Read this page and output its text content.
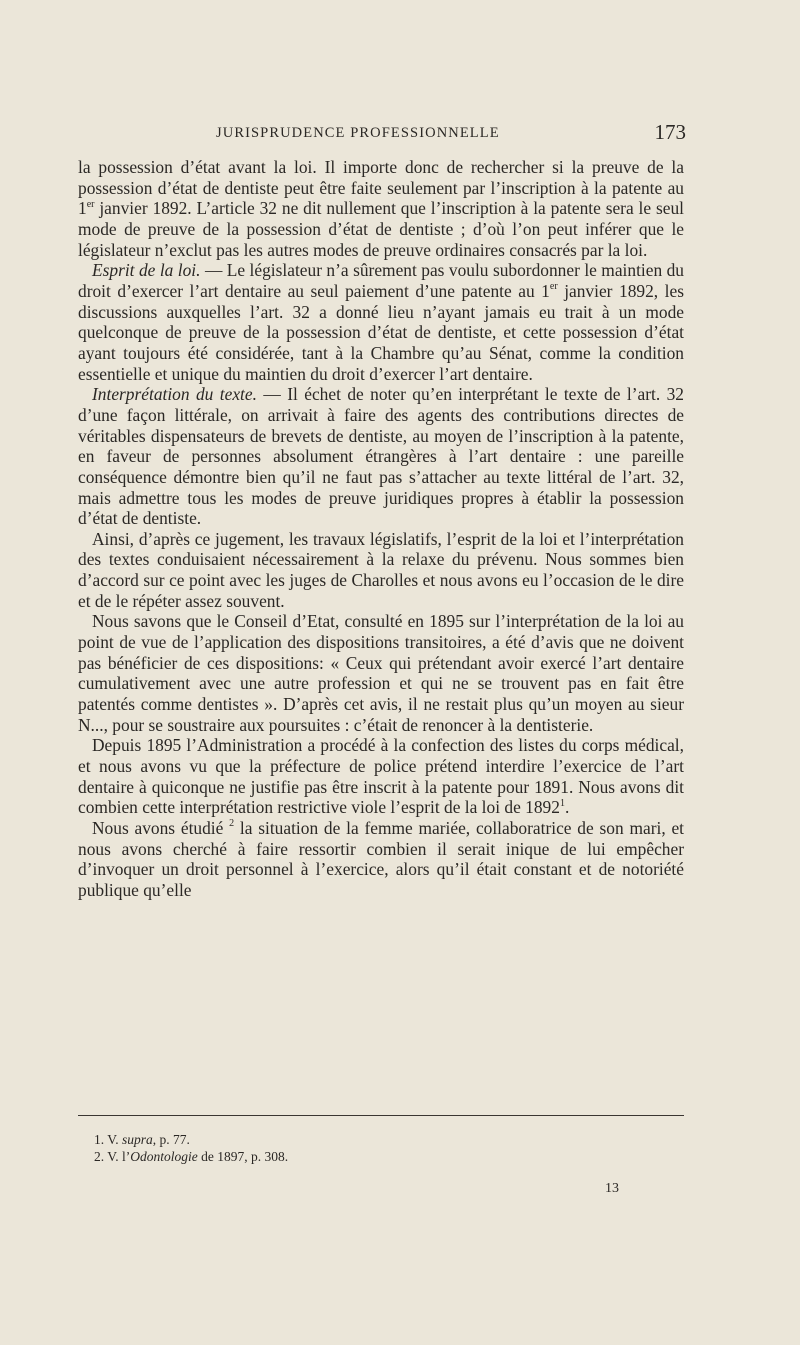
JURISPRUDENCE PROFESSIONNELLE	173

la possession d’état avant la loi. Il importe donc de rechercher si la preuve de la possession d’état de dentiste peut être faite seulement par l’inscription à la patente au 1er janvier 1892. L’article 32 ne dit nullement que l’inscription à la patente sera le seul mode de preuve de la possession d’état de dentiste ; d’où l’on peut inférer que le législateur n’exclut pas les autres modes de preuve ordinaires consacrés par la loi.

Esprit de la loi. — Le législateur n’a sûrement pas voulu subordonner le maintien du droit d’exercer l’art dentaire au seul paiement d’une patente au 1er janvier 1892, les discussions auxquelles l’art. 32 a donné lieu n’ayant jamais eu trait à un mode quelconque de preuve de la possession d’état de dentiste, et cette possession d’état ayant toujours été considérée, tant à la Chambre qu’au Sénat, comme la condition essentielle et unique du maintien du droit d’exercer l’art dentaire.

Interprétation du texte. — Il échet de noter qu’en interprétant le texte de l’art. 32 d’une façon littérale, on arrivait à faire des agents des contributions directes de véritables dispensateurs de brevets de dentiste, au moyen de l’inscription à la patente, en faveur de personnes absolument étrangères à l’art dentaire : une pareille conséquence démontre bien qu’il ne faut pas s’attacher au texte littéral de l’art. 32, mais admettre tous les modes de preuve juridiques propres à établir la possession d’état de dentiste.

Ainsi, d’après ce jugement, les travaux législatifs, l’esprit de la loi et l’interprétation des textes conduisaient nécessairement à la relaxe du prévenu. Nous sommes bien d’accord sur ce point avec les juges de Charolles et nous avons eu l’occasion de le dire et de le répéter assez souvent.

Nous savons que le Conseil d’Etat, consulté en 1895 sur l’interprétation de la loi au point de vue de l’application des dispositions transitoires, a été d’avis que ne doivent pas bénéficier de ces dispositions: « Ceux qui prétendant avoir exercé l’art dentaire cumulativement avec une autre profession et qui ne se trouvent pas en fait être patentés comme dentistes ». D’après cet avis, il ne restait plus qu’un moyen au sieur N..., pour se soustraire aux poursuites : c’était de renoncer à la dentisterie.

Depuis 1895 l’Administration a procédé à la confection des listes du corps médical, et nous avons vu que la préfecture de police prétend interdire l’exercice de l’art dentaire à quiconque ne justifie pas être inscrit à la patente pour 1891. Nous avons dit combien cette interprétation restrictive viole l’esprit de la loi de 1892$^1$.

Nous avons étudié $^2$ la situation de la femme mariée, collaboratrice de son mari, et nous avons cherché à faire ressortir combien il serait inique de lui empêcher d’invoquer un droit personnel à l’exercice, alors qu’il était constant et de notoriété publique qu’elle

1. V. supra, p. 77.
2. V. l’Odontologie de 1897, p. 308.
13
